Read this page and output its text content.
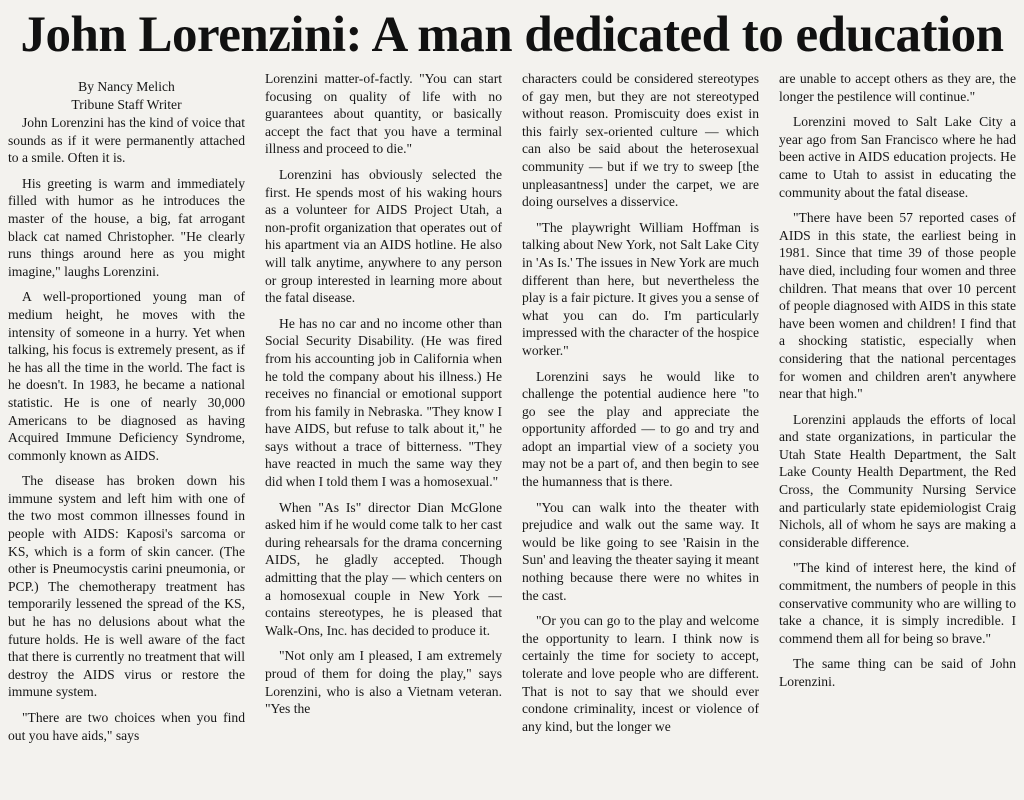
John Lorenzini: A man dedicated to education
By Nancy Melich
Tribune Staff Writer

John Lorenzini has the kind of voice that sounds as if it were permanently attached to a smile. Often it is.

His greeting is warm and immediately filled with humor as he introduces the master of the house, a big, fat arrogant black cat named Christopher. "He clearly runs things around here as you might imagine," laughs Lorenzini.

A well-proportioned young man of medium height, he moves with the intensity of someone in a hurry. Yet when talking, his focus is extremely present, as if he has all the time in the world. The fact is he doesn't. In 1983, he became a national statistic. He is one of nearly 30,000 Americans to be diagnosed as having Acquired Immune Deficiency Syndrome, commonly known as AIDS.

The disease has broken down his immune system and left him with one of the two most common illnesses found in people with AIDS: Kaposi's sarcoma or KS, which is a form of skin cancer. (The other is Pneumocystis carini pneumonia, or PCP.) The chemotherapy treatment has temporarily lessened the spread of the KS, but he has no delusions about what the future holds. He is well aware of the fact that there is currently no treatment that will destroy the AIDS virus or restore the immune system.

"There are two choices when you find out you have aids," says

Lorenzini matter-of-factly. "You can start focusing on quality of life with no guarantees about quantity, or basically accept the fact that you have a terminal illness and proceed to die."

Lorenzini has obviously selected the first. He spends most of his waking hours as a volunteer for AIDS Project Utah, a non-profit organization that operates out of his apartment via an AIDS hotline. He also will talk anytime, anywhere to any person or group interested in learning more about the fatal disease.

He has no car and no income other than Social Security Disability. (He was fired from his accounting job in California when he told the company about his illness.) He receives no financial or emotional support from his family in Nebraska. "They know I have AIDS, but refuse to talk about it," he says without a trace of bitterness. "They have reacted in much the same way they did when I told them I was a homosexual."

When "As Is" director Dian McGlone asked him if he would come talk to her cast during rehearsals for the drama concerning AIDS, he gladly accepted. Though admitting that the play — which centers on a homosexual couple in New York — contains stereotypes, he is pleased that Walk-Ons, Inc. has decided to produce it.

"Not only am I pleased, I am extremely proud of them for doing the play," says Lorenzini, who is also a Vietnam veteran. "Yes the

characters could be considered stereotypes of gay men, but they are not stereotyped without reason. Promiscuity does exist in this fairly sex-oriented culture — which can also be said about the heterosexual community — but if we try to sweep [the unpleasantness] under the carpet, we are doing ourselves a disservice.

"The playwright William Hoffman is talking about New York, not Salt Lake City in 'As Is.' The issues in New York are much different than here, but nevertheless the play is a fair picture. It gives you a sense of what you can do. I'm particularly impressed with the character of the hospice worker."

Lorenzini says he would like to challenge the potential audience here "to go see the play and appreciate the opportunity afforded — to go and try and adopt an impartial view of a society you may not be a part of, and then begin to see the humanness that is there.

"You can walk into the theater with prejudice and walk out the same way. It would be like going to see 'Raisin in the Sun' and leaving the theater saying it meant nothing because there were no whites in the cast.

"Or you can go to the play and welcome the opportunity to learn. I think now is certainly the time for society to accept, tolerate and love people who are different. That is not to say that we should ever condone criminality, incest or violence of any kind, but the longer we

are unable to accept others as they are, the longer the pestilence will continue."

Lorenzini moved to Salt Lake City a year ago from San Francisco where he had been active in AIDS education projects. He came to Utah to assist in educating the community about the fatal disease.

"There have been 57 reported cases of AIDS in this state, the earliest being in 1981. Since that time 39 of those people have died, including four women and three children. That means that over 10 percent of people diagnosed with AIDS in this state have been women and children! I find that a shocking statistic, especially when considering that the national percentages for women and children aren't anywhere near that high."

Lorenzini applauds the efforts of local and state organizations, in particular the Utah State Health Department, the Salt Lake County Health Department, the Red Cross, the Community Nursing Service and particularly state epidemiologist Craig Nichols, all of whom he says are making a considerable difference.

"The kind of interest here, the kind of commitment, the numbers of people in this conservative community who are willing to take a chance, it is simply incredible. I commend them all for being so brave."

The same thing can be said of John Lorenzini.
